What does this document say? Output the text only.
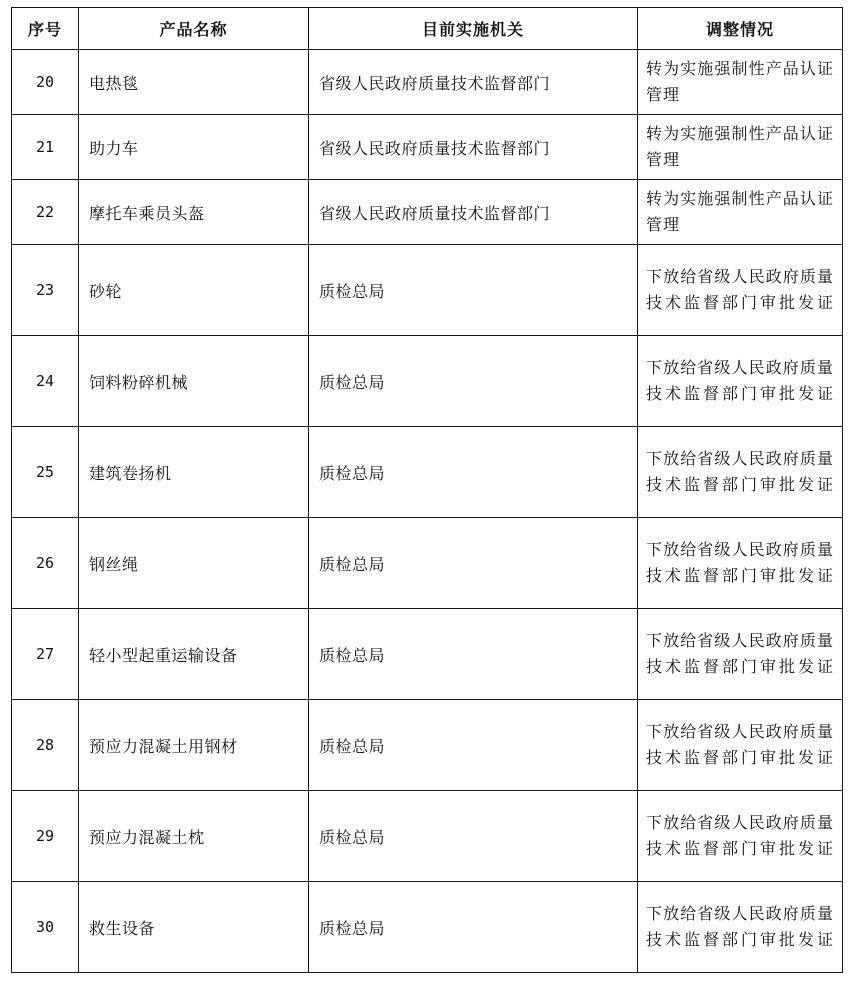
序号	产品名称	目前实施机关	调整情况
20	电热毯	省级人民政府质量技术监督部门	转为实施强制性产品认证管理

21	助力车	省级人民政府质量技术监督部门	转为实施强制性产品认证管理

22	摩托车乘员头盔	省级人民政府质量技术监督部门	转为实施强制性产品认证管理

23	砂轮	质检总局	下放给省级人民政府质量技术监督部门审批发证

24	饲料粉碎机械	质检总局	下放给省级人民政府质量技术监督部门审批发证

25	建筑卷扬机	质检总局	下放给省级人民政府质量技术监督部门审批发证

26	钢丝绳	质检总局	下放给省级人民政府质量技术监督部门审批发证

27	轻小型起重运输设备	质检总局	下放给省级人民政府质量技术监督部门审批发证

28	预应力混凝土用钢材	质检总局	下放给省级人民政府质量技术监督部门审批发证

29	预应力混凝土枕	质检总局	下放给省级人民政府质量技术监督部门审批发证

30	救生设备	质检总局	下放给省级人民政府质量技术监督部门审批发证
